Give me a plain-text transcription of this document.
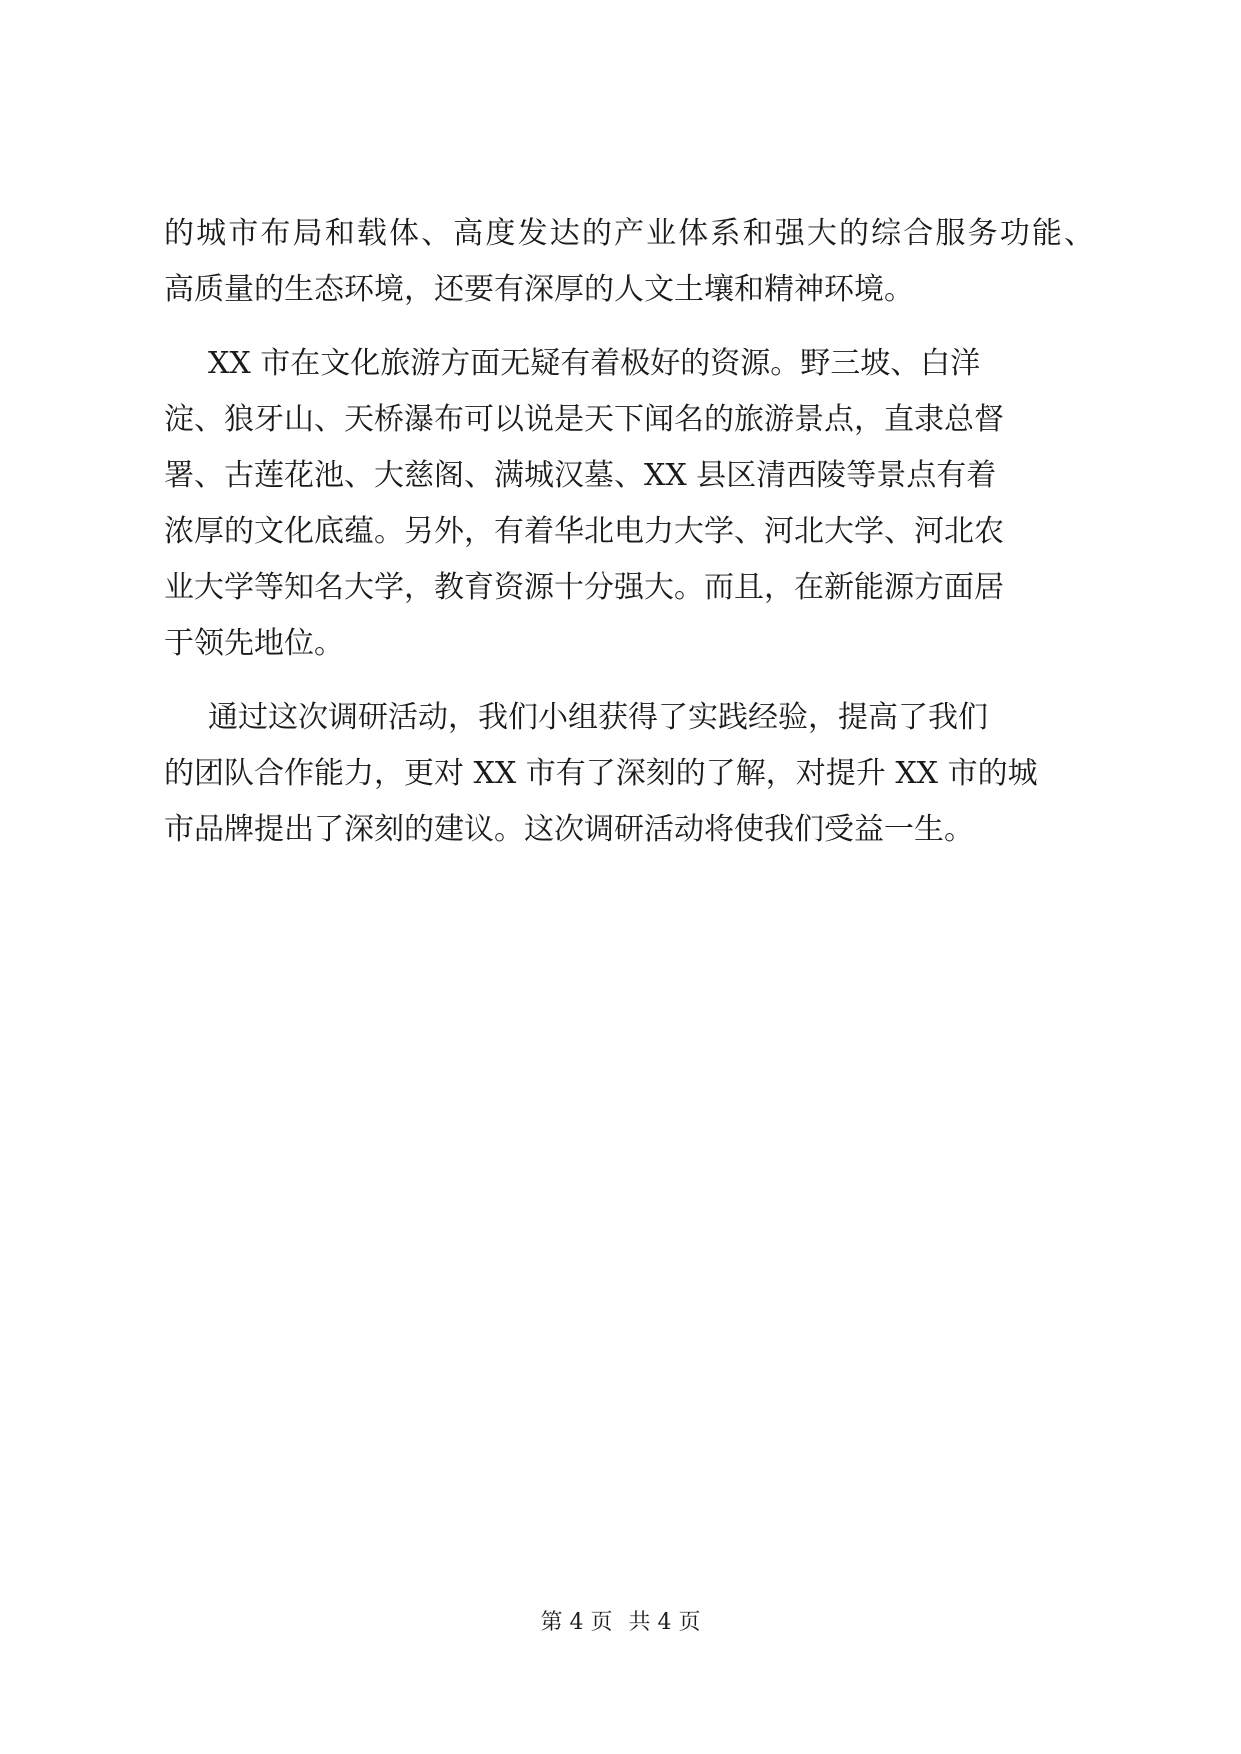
的城市布局和载体、高度发达的产业体系和强大的综合服务功能、
高质量的生态环境，还要有深厚的人文土壤和精神环境。
XX 市在文化旅游方面无疑有着极好的资源。野三坡、白洋
淀、狼牙山、天桥瀑布可以说是天下闻名的旅游景点，直隶总督
署、古莲花池、大慈阁、满城汉墓、XX 县区清西陵等景点有着
浓厚的文化底蕴。另外，有着华北电力大学、河北大学、河北农
业大学等知名大学，教育资源十分强大。而且，在新能源方面居
于领先地位。
通过这次调研活动，我们小组获得了实践经验，提高了我们
的团队合作能力，更对 XX 市有了深刻的了解，对提升 XX 市的城
市品牌提出了深刻的建议。这次调研活动将使我们受益一生。
第 4 页 共 4 页
